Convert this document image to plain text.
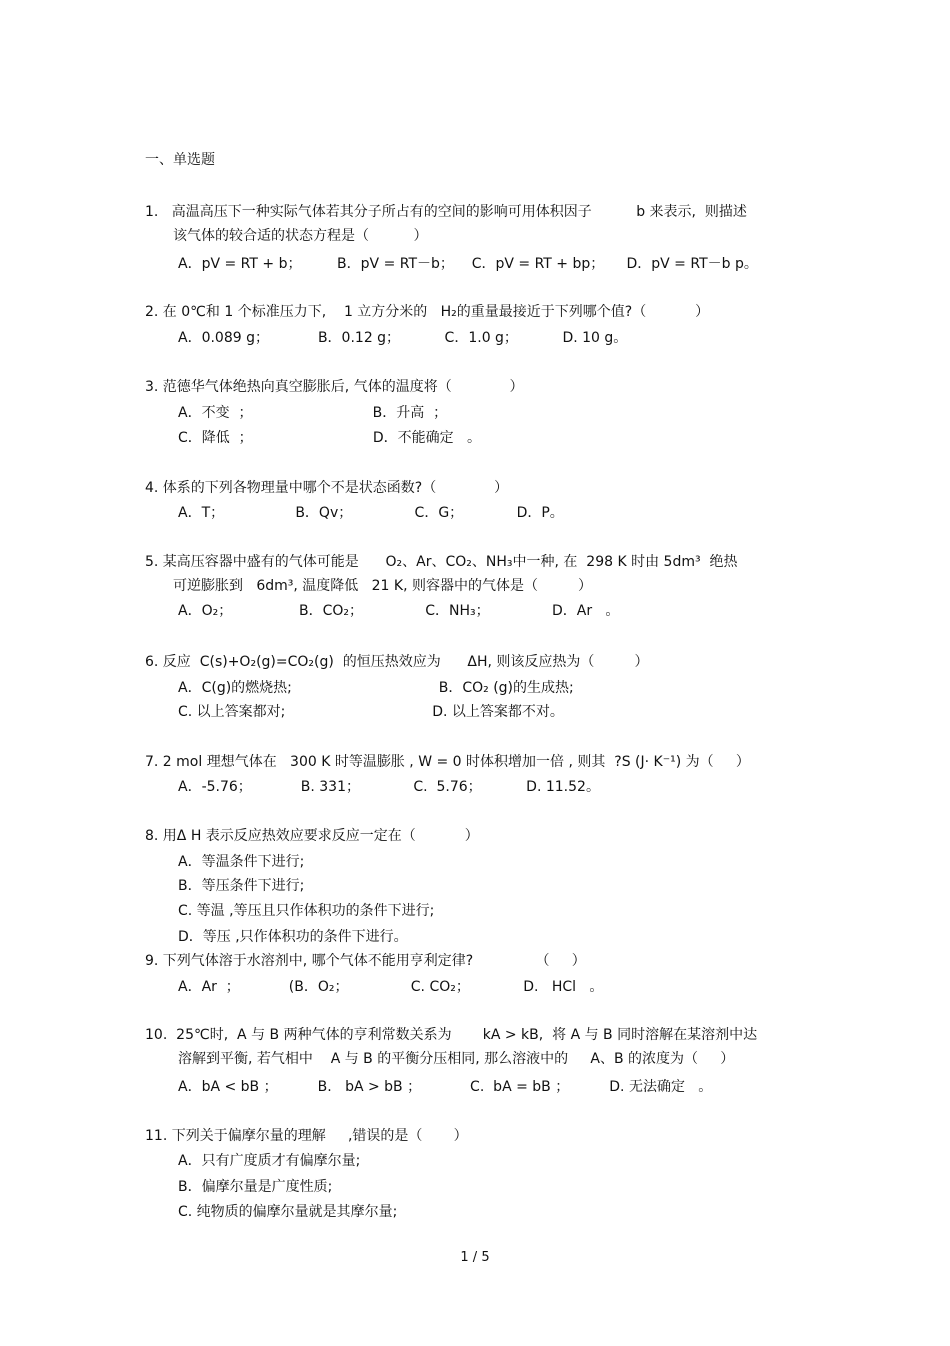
一、单选题
1.   高温高压下一种实际气体若其分子所占有的空间的影响可用体积因子          b 来表示,  则描述
该气体的较合适的状态方程是（          ）
A．pV = RT + b；        B．pV = RT－b；    C．pV = RT + bp；     D．pV = RT－b p。
2. 在 0℃和 1 个标准压力下,    1 立方分米的   H₂的重量最接近于下列哪个值?（           ）
A．0.089 g；           B．0.12 g；          C．1.0 g；          D. 10 g。
3. 范德华气体绝热向真空膨胀后, 气体的温度将（             ）
A．不变  ；                           B．升高  ；
C．降低  ；                           D．不能确定   。
4. 体系的下列各物理量中哪个不是状态函数?（             ）
A．T；                B．Qv；              C．G；            D．P。
5. 某高压容器中盛有的气体可能是      O₂、Ar、CO₂、NH₃中一种, 在  298 K 时由 5dm³  绝热
可逆膨胀到   6dm³, 温度降低   21 K, 则容器中的气体是（         ）
A．O₂；               B．CO₂；              C．NH₃；              D．Ar   。
6. 反应  C(s)+O₂(g)=CO₂(g)  的恒压热效应为      ΔH, 则该反应热为（         ）
A．C(g)的燃烧热;                                 B．CO₂ (g)的生成热;
C. 以上答案都对;                                 D. 以上答案都不对。
7. 2 mol 理想气体在   300 K 时等温膨胀 , W = 0 时体积增加一倍 , 则其  ?S (J· K⁻¹) 为（     ）
A．-5.76；           B. 331；            C.  5.76；          D. 11.52。
8. 用Δ H 表示反应热效应要求反应一定在（           ）
A．等温条件下进行;
B．等压条件下进行;
C. 等温 ,等压且只作体积功的条件下进行;
D．等压 ,只作体积功的条件下进行。
9. 下列气体溶于水溶剂中, 哪个气体不能用亨利定律?              （     ）
A．Ar  ；           (B．O₂；              C. CO₂；            D.   HCl   。
10.  25℃时,  A 与 B 两种气体的亨利常数关系为       kA > kB,  将 A 与 B 同时溶解在某溶剂中达
溶解到平衡, 若气相中    A 与 B 的平衡分压相同, 那么溶液中的     A、B 的浓度为（     ）
A．bA < bB ；         B.   bA > bB ；           C.  bA = bB ；         D. 无法确定   。
11. 下列关于偏摩尔量的理解     ,错误的是（       ）
A．只有广度质才有偏摩尔量;
B．偏摩尔量是广度性质;
C. 纯物质的偏摩尔量就是其摩尔量;
1 / 5
